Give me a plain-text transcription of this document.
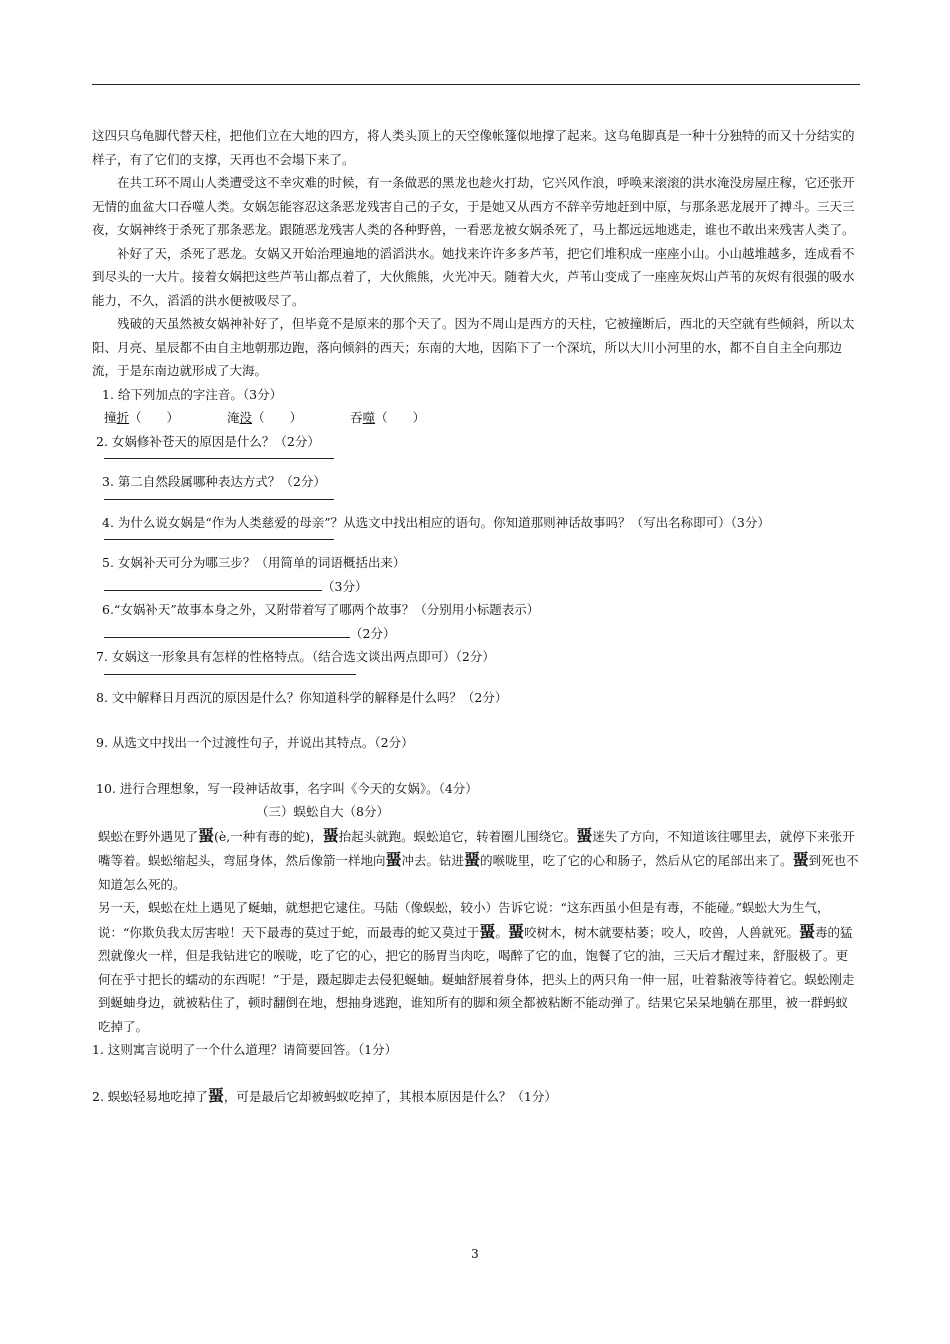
这四只乌龟脚代替天柱，把他们立在大地的四方，将人类头顶上的天空像帐篷似地撑了起来。这乌龟脚真是一种十分独特的而又十分结实的样子，有了它们的支撑，天再也不会塌下来了。

在共工环不周山人类遭受这不幸灾难的时候，有一条做恶的黑龙也趁火打劫，它兴风作浪，呼唤来滚滚的洪水淹没房屋庄稼，它还张开无情的血盆大口吞噬人类。女娲怎能容忍这条恶龙残害自己的子女，于是她又从西方不辞辛劳地赶到中原，与那条恶龙展开了搏斗。三天三夜，女娲神终于杀死了那条恶龙。跟随恶龙残害人类的各种野兽，一看恶龙被女娲杀死了，马上都远远地逃走，谁也不敢出来残害人类了。

补好了天，杀死了恶龙。女娲又开始治理遍地的滔滔洪水。她找来许许多多芦苇，把它们堆积成一座座小山。小山越堆越多，连成看不到尽头的一大片。接着女娲把这些芦苇山都点着了，大伙熊熊，火光冲天。随着大火，芦苇山变成了一座座灰烬山芦苇的灰烬有很强的吸水能力，不久，滔滔的洪水便被吸尽了。

残破的天虽然被女娲神补好了，但毕竟不是原来的那个天了。因为不周山是西方的天柱，它被撞断后，西北的天空就有些倾斜，所以太阳、月亮、星辰都不由自主地朝那边跑，落向倾斜的西天；东南的大地，因陷下了一个深坑，所以大川小河里的水，都不自自主全向那边流，于是东南边就形成了大海。

1. 给下列加点的字注音。（3分）

撞折（　　）	淹没（　　）	吞噬（　　）

2. 女娲修补苍天的原因是什么？（2分）

3. 第二自然段属哪种表达方式？（2分）

4. 为什么说女娲是“作为人类慈爱的母亲”？从选文中找出相应的语句。你知道那则神话故事吗？（写出名称即可）（3分）

5. 女娲补天可分为哪三步？（用简单的词语概括出来）

（3分）

6.“女娲补天”故事本身之外，又附带着写了哪两个故事？（分别用小标题表示）

（2分）

7. 女娲这一形象具有怎样的性格特点。（结合选文谈出两点即可）（2分）

8. 文中解释日月西沉的原因是什么？你知道科学的解释是什么吗？（2分）

9. 从选文中找出一个过渡性句子，并说出其特点。（2分）

10. 进行合理想象，写一段神话故事，名字叫《今天的女娲》。（4分）

（三）蜈蚣自大（8分）

蜈蚣在野外遇见了蝁(è,一种有毒的蛇)，蝁抬起头就跑。蜈蚣追它，转着圈儿围绕它。蝁迷失了方向，不知道该往哪里去，就停下来张开嘴等着。蜈蚣缩起头，弯屈身体，然后像箭一样地向蝁冲去。钻进蝁的喉咙里，吃了它的心和肠子，然后从它的尾部出来了。蝁到死也不知道怎么死的。

另一天，蜈蚣在灶上遇见了蜒蚰，就想把它逮住。马陆（像蜈蚣，较小）告诉它说：“这东西虽小但是有毒，不能碰。”蜈蚣大为生气，说：“你欺负我太厉害啦！天下最毒的莫过于蛇，而最毒的蛇又莫过于蝁。蝁咬树木，树木就要枯萎；咬人，咬兽，人兽就死。蝁毒的猛烈就像火一样，但是我钻进它的喉咙，吃了它的心，把它的肠胃当肉吃，喝醉了它的血，饱餐了它的油，三天后才醒过来，舒服极了。更何在乎寸把长的蠕动的东西呢！”于是，蹑起脚走去侵犯蜒蚰。蜒蚰舒展着身体，把头上的两只角一伸一屈，吐着黏液等待着它。蜈蚣刚走到蜒蚰身边，就被粘住了，顿时翻倒在地，想抽身逃跑，谁知所有的脚和须全都被粘断不能动弹了。结果它呆呆地躺在那里，被一群蚂蚁吃掉了。

1. 这则寓言说明了一个什么道理？请简要回答。（1分）

2. 蜈蚣轻易地吃掉了蝁，可是最后它却被蚂蚁吃掉了，其根本原因是什么？（1分）

3
